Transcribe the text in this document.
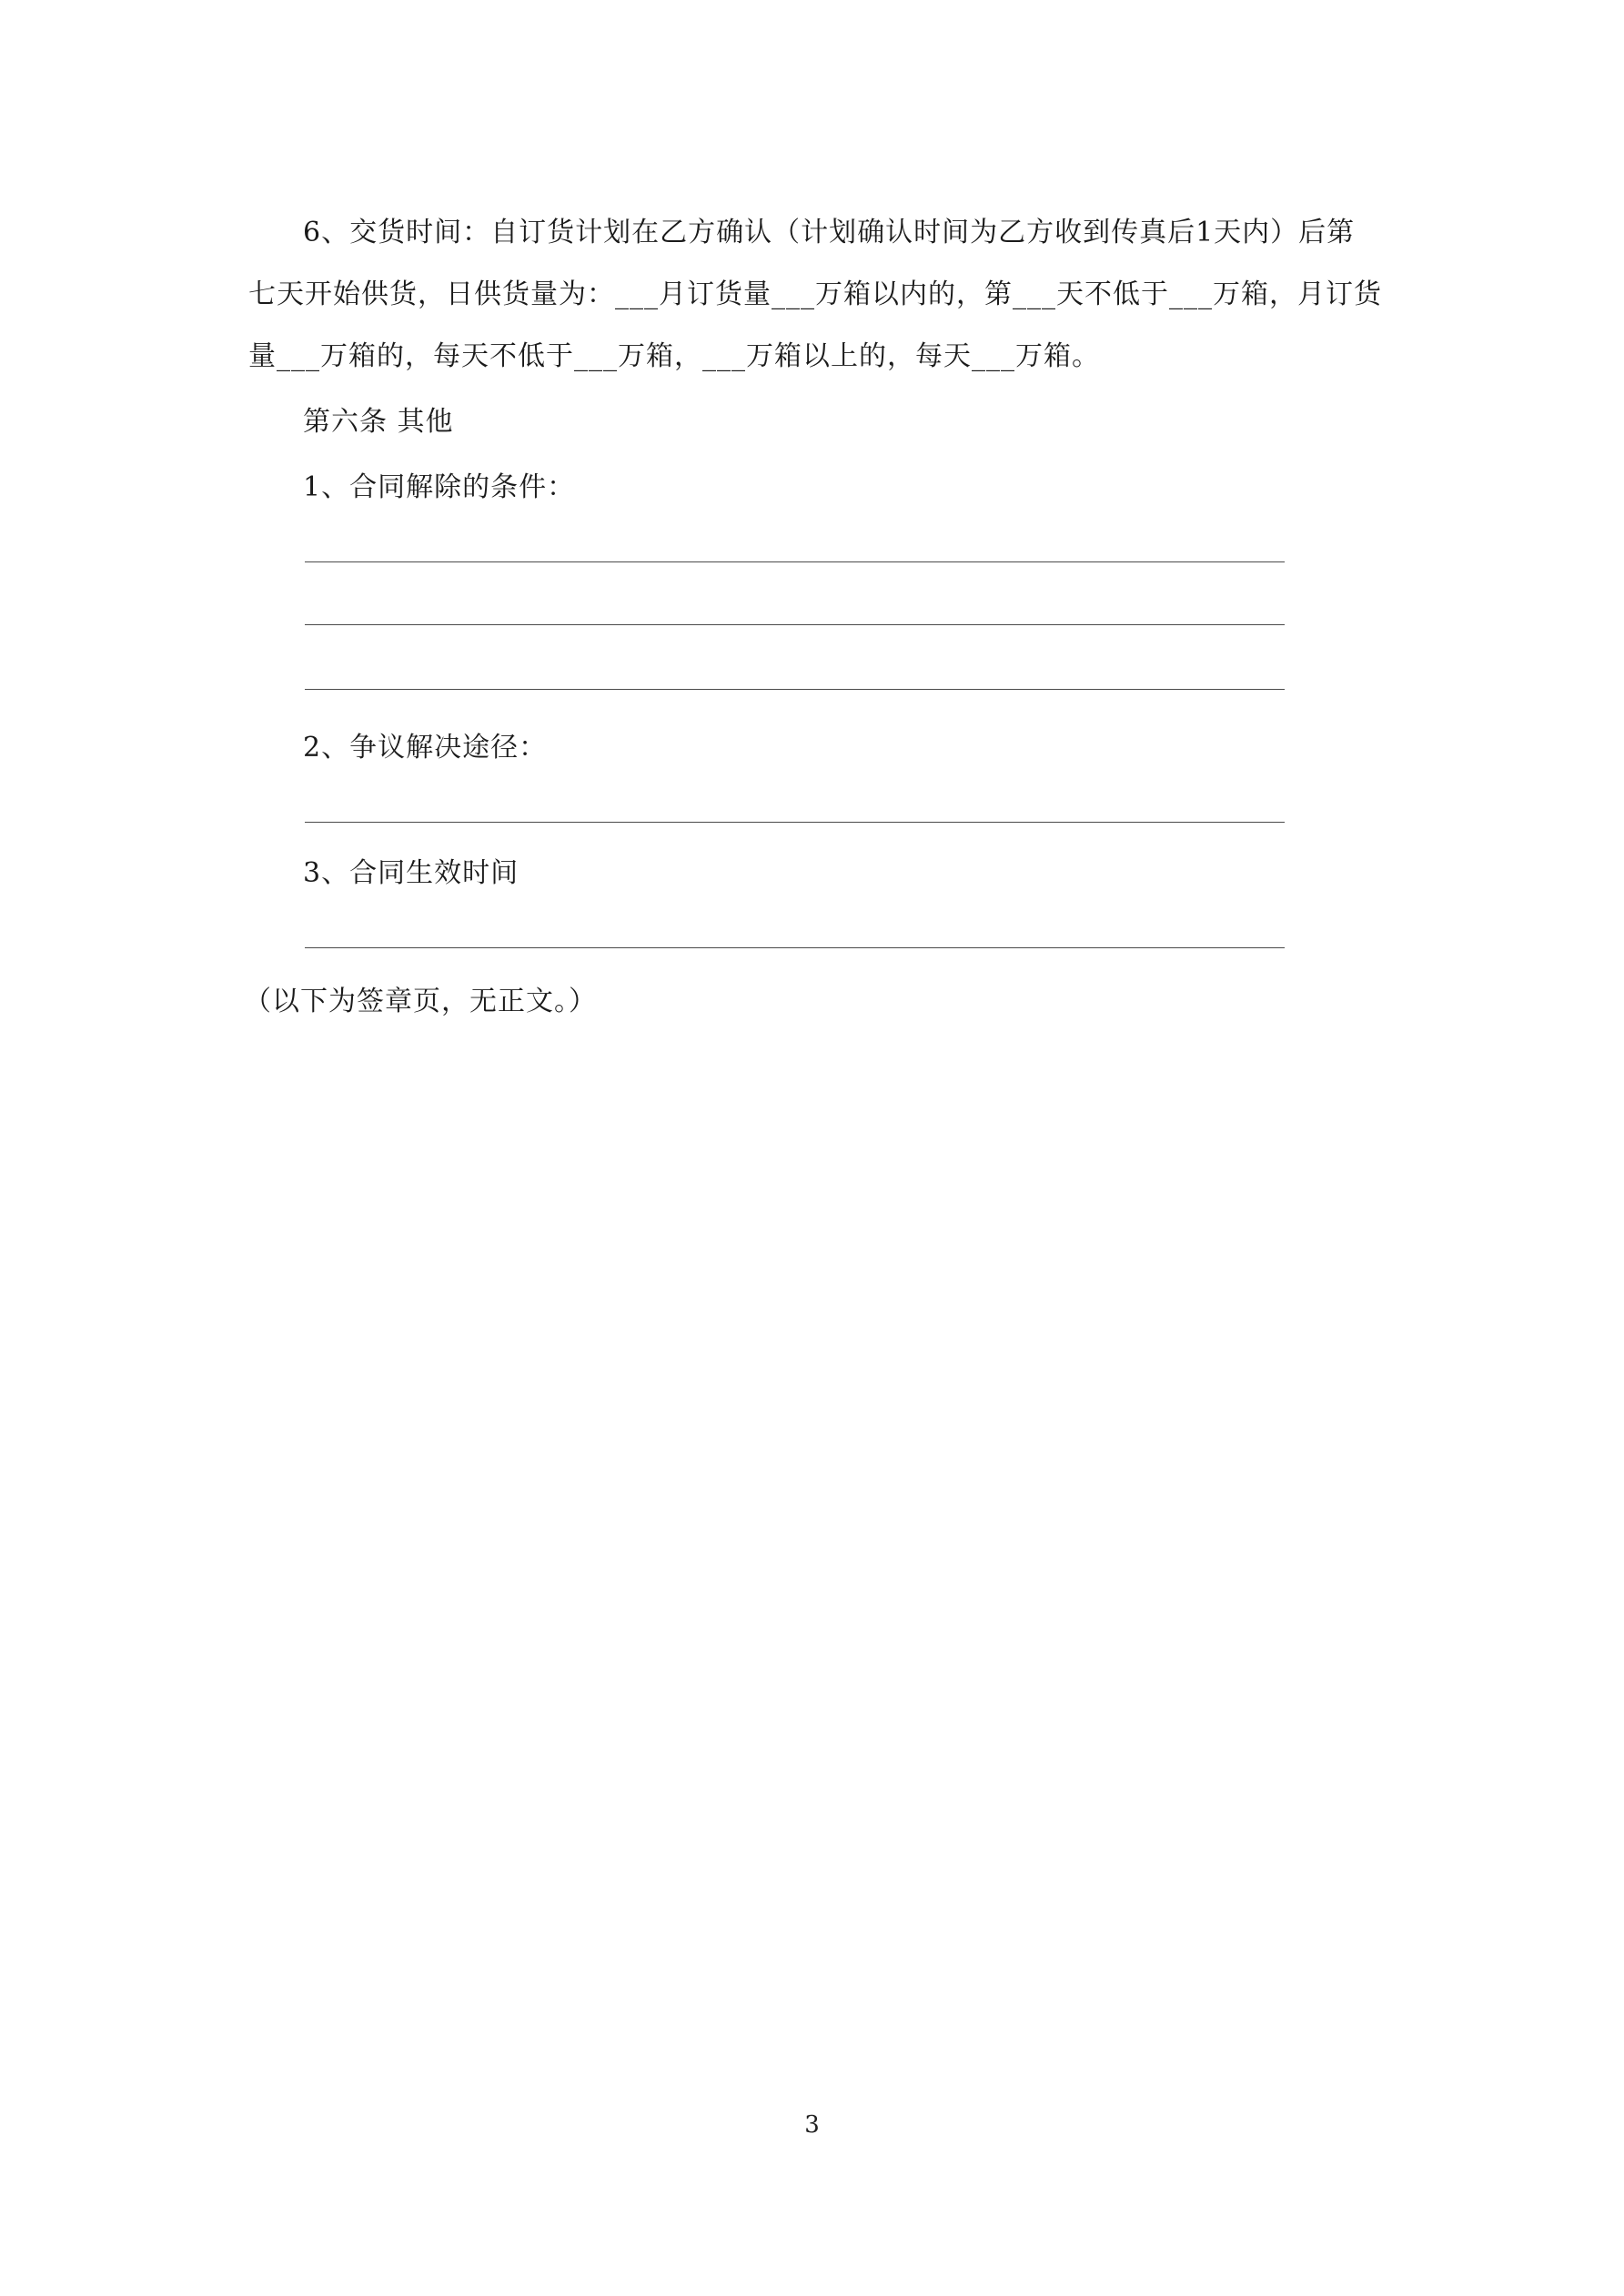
6、交货时间：自订货计划在乙方确认（计划确认时间为乙方收到传真后1天内）后第
七天开始供货，日供货量为：___月订货量___万箱以内的，第___天不低于___万箱，月订货
量___万箱的，每天不低于___万箱，___万箱以上的，每天___万箱。
第六条 其他
1、合同解除的条件：
2、争议解决途径：
3、合同生效时间
（以下为签章页，无正文。）
3
